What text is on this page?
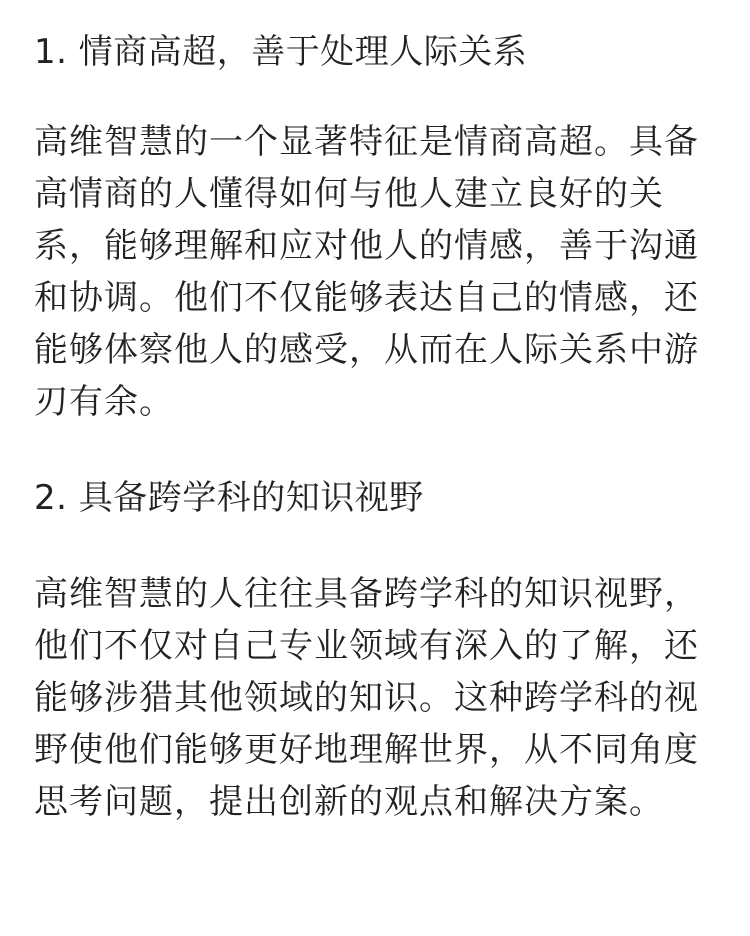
1. 情商高超，善于处理人际关系

高维智慧的一个显著特征是情商高超。具备
高情商的人懂得如何与他人建立良好的关
系，能够理解和应对他人的情感，善于沟通
和协调。他们不仅能够表达自己的情感，还
能够体察他人的感受，从而在人际关系中游
刃有余。

2. 具备跨学科的知识视野

高维智慧的人往往具备跨学科的知识视野，
他们不仅对自己专业领域有深入的了解，还
能够涉猎其他领域的知识。这种跨学科的视
野使他们能够更好地理解世界，从不同角度
思考问题，提出创新的观点和解决方案。
